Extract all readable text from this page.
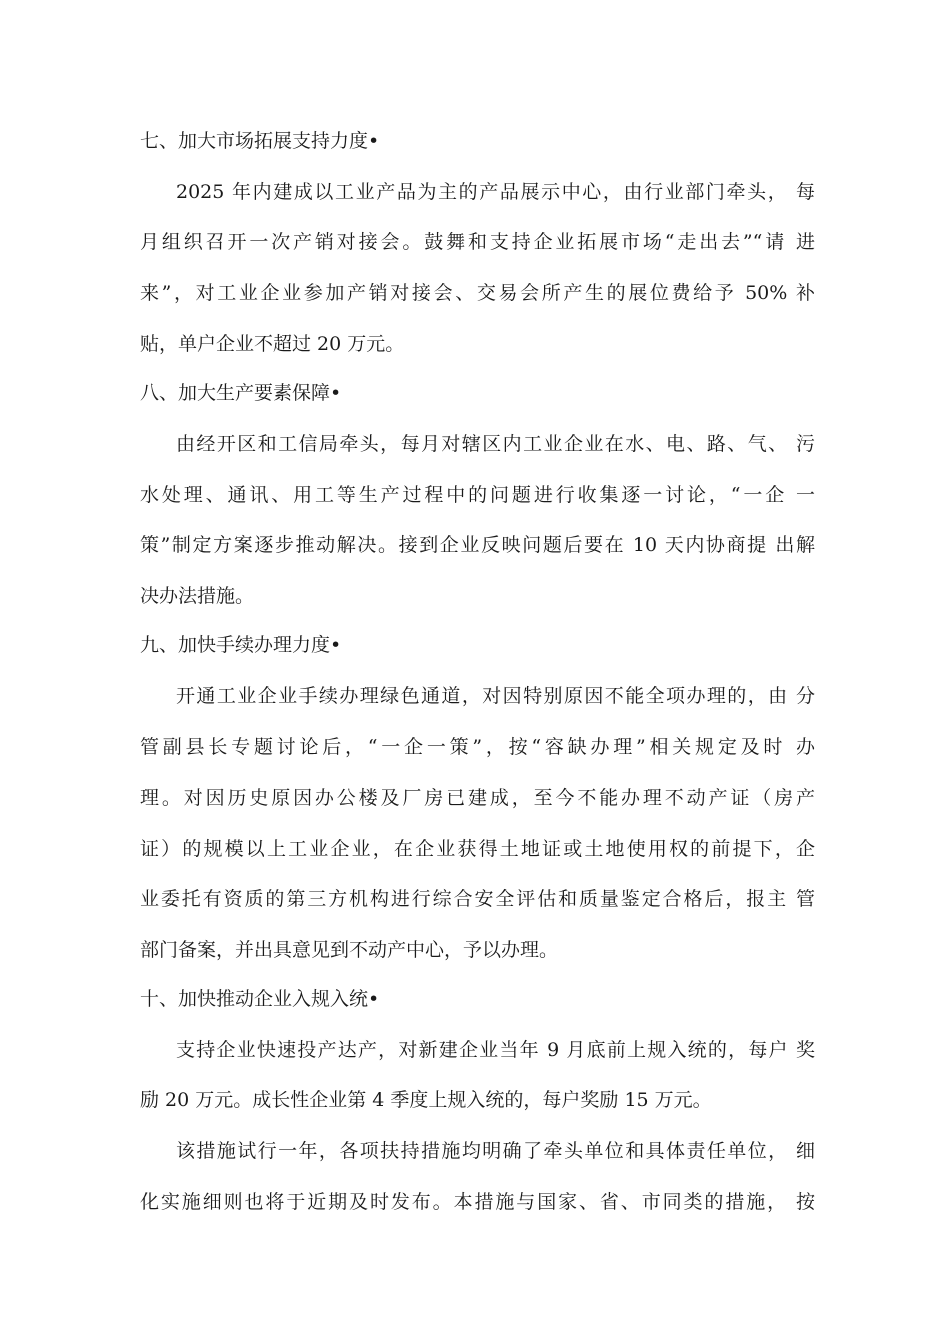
七、加大市场拓展支持力度•
2025 年内建成以工业产品为主的产品展示中心，由行业部门牵头， 每
月组织召开一次产销对接会。鼓舞和支持企业拓展市场“走出去”“请 进
来”，对工业企业参加产销对接会、交易会所产生的展位费给予 50% 补
贴，单户企业不超过 20 万元。
八、加大生产要素保障•
由经开区和工信局牵头，每月对辖区内工业企业在水、电、路、气、 污
水处理、通讯、用工等生产过程中的问题进行收集逐一讨论，“一企 一
策”制定方案逐步推动解决。接到企业反映问题后要在 10 天内协商提 出解
决办法措施。
九、加快手续办理力度•
开通工业企业手续办理绿色通道，对因特别原因不能全项办理的，由 分
管副县长专题讨论后，“一企一策”，按“容缺办理”相关规定及时 办
理。对因历史原因办公楼及厂房已建成，至今不能办理不动产证（房产
证）的规模以上工业企业，在企业获得土地证或土地使用权的前提下，企
业委托有资质的第三方机构进行综合安全评估和质量鉴定合格后，报主 管
部门备案，并出具意见到不动产中心，予以办理。
十、加快推动企业入规入统•
支持企业快速投产达产，对新建企业当年 9 月底前上规入统的，每户 奖
励 20 万元。成长性企业第 4 季度上规入统的，每户奖励 15 万元。
该措施试行一年，各项扶持措施均明确了牵头单位和具体责任单位， 细
化实施细则也将于近期及时发布。本措施与国家、省、市同类的措施， 按
